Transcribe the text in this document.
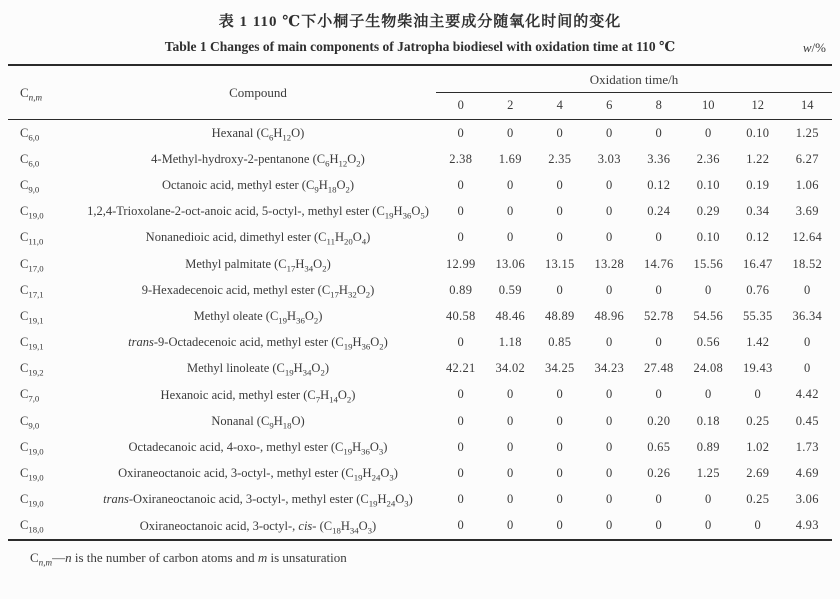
表 1 110 ℃下小桐子生物柴油主要成分随氧化时间的变化
Table 1 Changes of main components of Jatropha biodiesel with oxidation time at 110 ℃	w/%
$C_{n,m}$	Compound
Oxidation time/h
0	2	4	6	8	10	12	14
$C_{6,0}$	Hexanal $(C_6H_{12}O)$	0	0	0	0	0	0	0.10	1.25
$C_{6,0}$	4-Methyl-hydroxy-2-pentanone $(C_6H_{12}O_2)$	2.38	1.69	2.35	3.03	3.36	2.36	1.22	6.27
$C_{9,0}$	Octanoic acid, methyl ester $(C_9H_{18}O_2)$	0	0	0	0	0.12	0.10	0.19	1.06
$C_{19,0}$	1,2,4-Trioxolane-2-oct-anoic acid, 5-octyl-, methyl ester $(C_{19}H_{36}O_5)$	0	0	0	0	0.24	0.29	0.34	3.69
$C_{11,0}$	Nonanedioic acid, dimethyl ester $(C_{11}H_{20}O_4)$	0	0	0	0	0	0.10	0.12	12.64
$C_{17,0}$	Methyl palmitate $(C_{17}H_{34}O_2)$	12.99	13.06	13.15	13.28	14.76	15.56	16.47	18.52
$C_{17,1}$	9-Hexadecenoic acid, methyl ester $(C_{17}H_{32}O_2)$	0.89	0.59	0	0	0	0	0.76	0
$C_{19,1}$	Methyl oleate $(C_{19}H_{36}O_2)$	40.58	48.46	48.89	48.96	52.78	54.56	55.35	36.34
$C_{19,1}$	trans-9-Octadecenoic acid, methyl ester $(C_{19}H_{36}O_2)$	0	1.18	0.85	0	0	0.56	1.42	0
$C_{19,2}$	Methyl linoleate $(C_{19}H_{34}O_2)$	42.21	34.02	34.25	34.23	27.48	24.08	19.43	0
$C_{7,0}$	Hexanoic acid, methyl ester $(C_7H_{14}O_2)$	0	0	0	0	0	0	0	4.42
$C_{9,0}$	Nonanal $(C_9H_{18}O)$	0	0	0	0	0.20	0.18	0.25	0.45
$C_{19,0}$	Octadecanoic acid, 4-oxo-, methyl ester $(C_{19}H_{36}O_3)$	0	0	0	0	0.65	0.89	1.02	1.73
$C_{19,0}$	Oxiraneoctanoic acid, 3-octyl-, methyl ester $(C_{19}H_{24}O_3)$	0	0	0	0	0.26	1.25	2.69	4.69
$C_{19,0}$	trans-Oxiraneoctanoic acid, 3-octyl-, methyl ester $(C_{19}H_{24}O_3)$	0	0	0	0	0	0	0.25	3.06
$C_{18,0}$	Oxiraneoctanoic acid, 3-octyl-, cis- $(C_{18}H_{34}O_3)$	0	0	0	0	0	0	0	4.93
$C_{n,m}—n$ is the number of carbon atoms and m is unsaturation
